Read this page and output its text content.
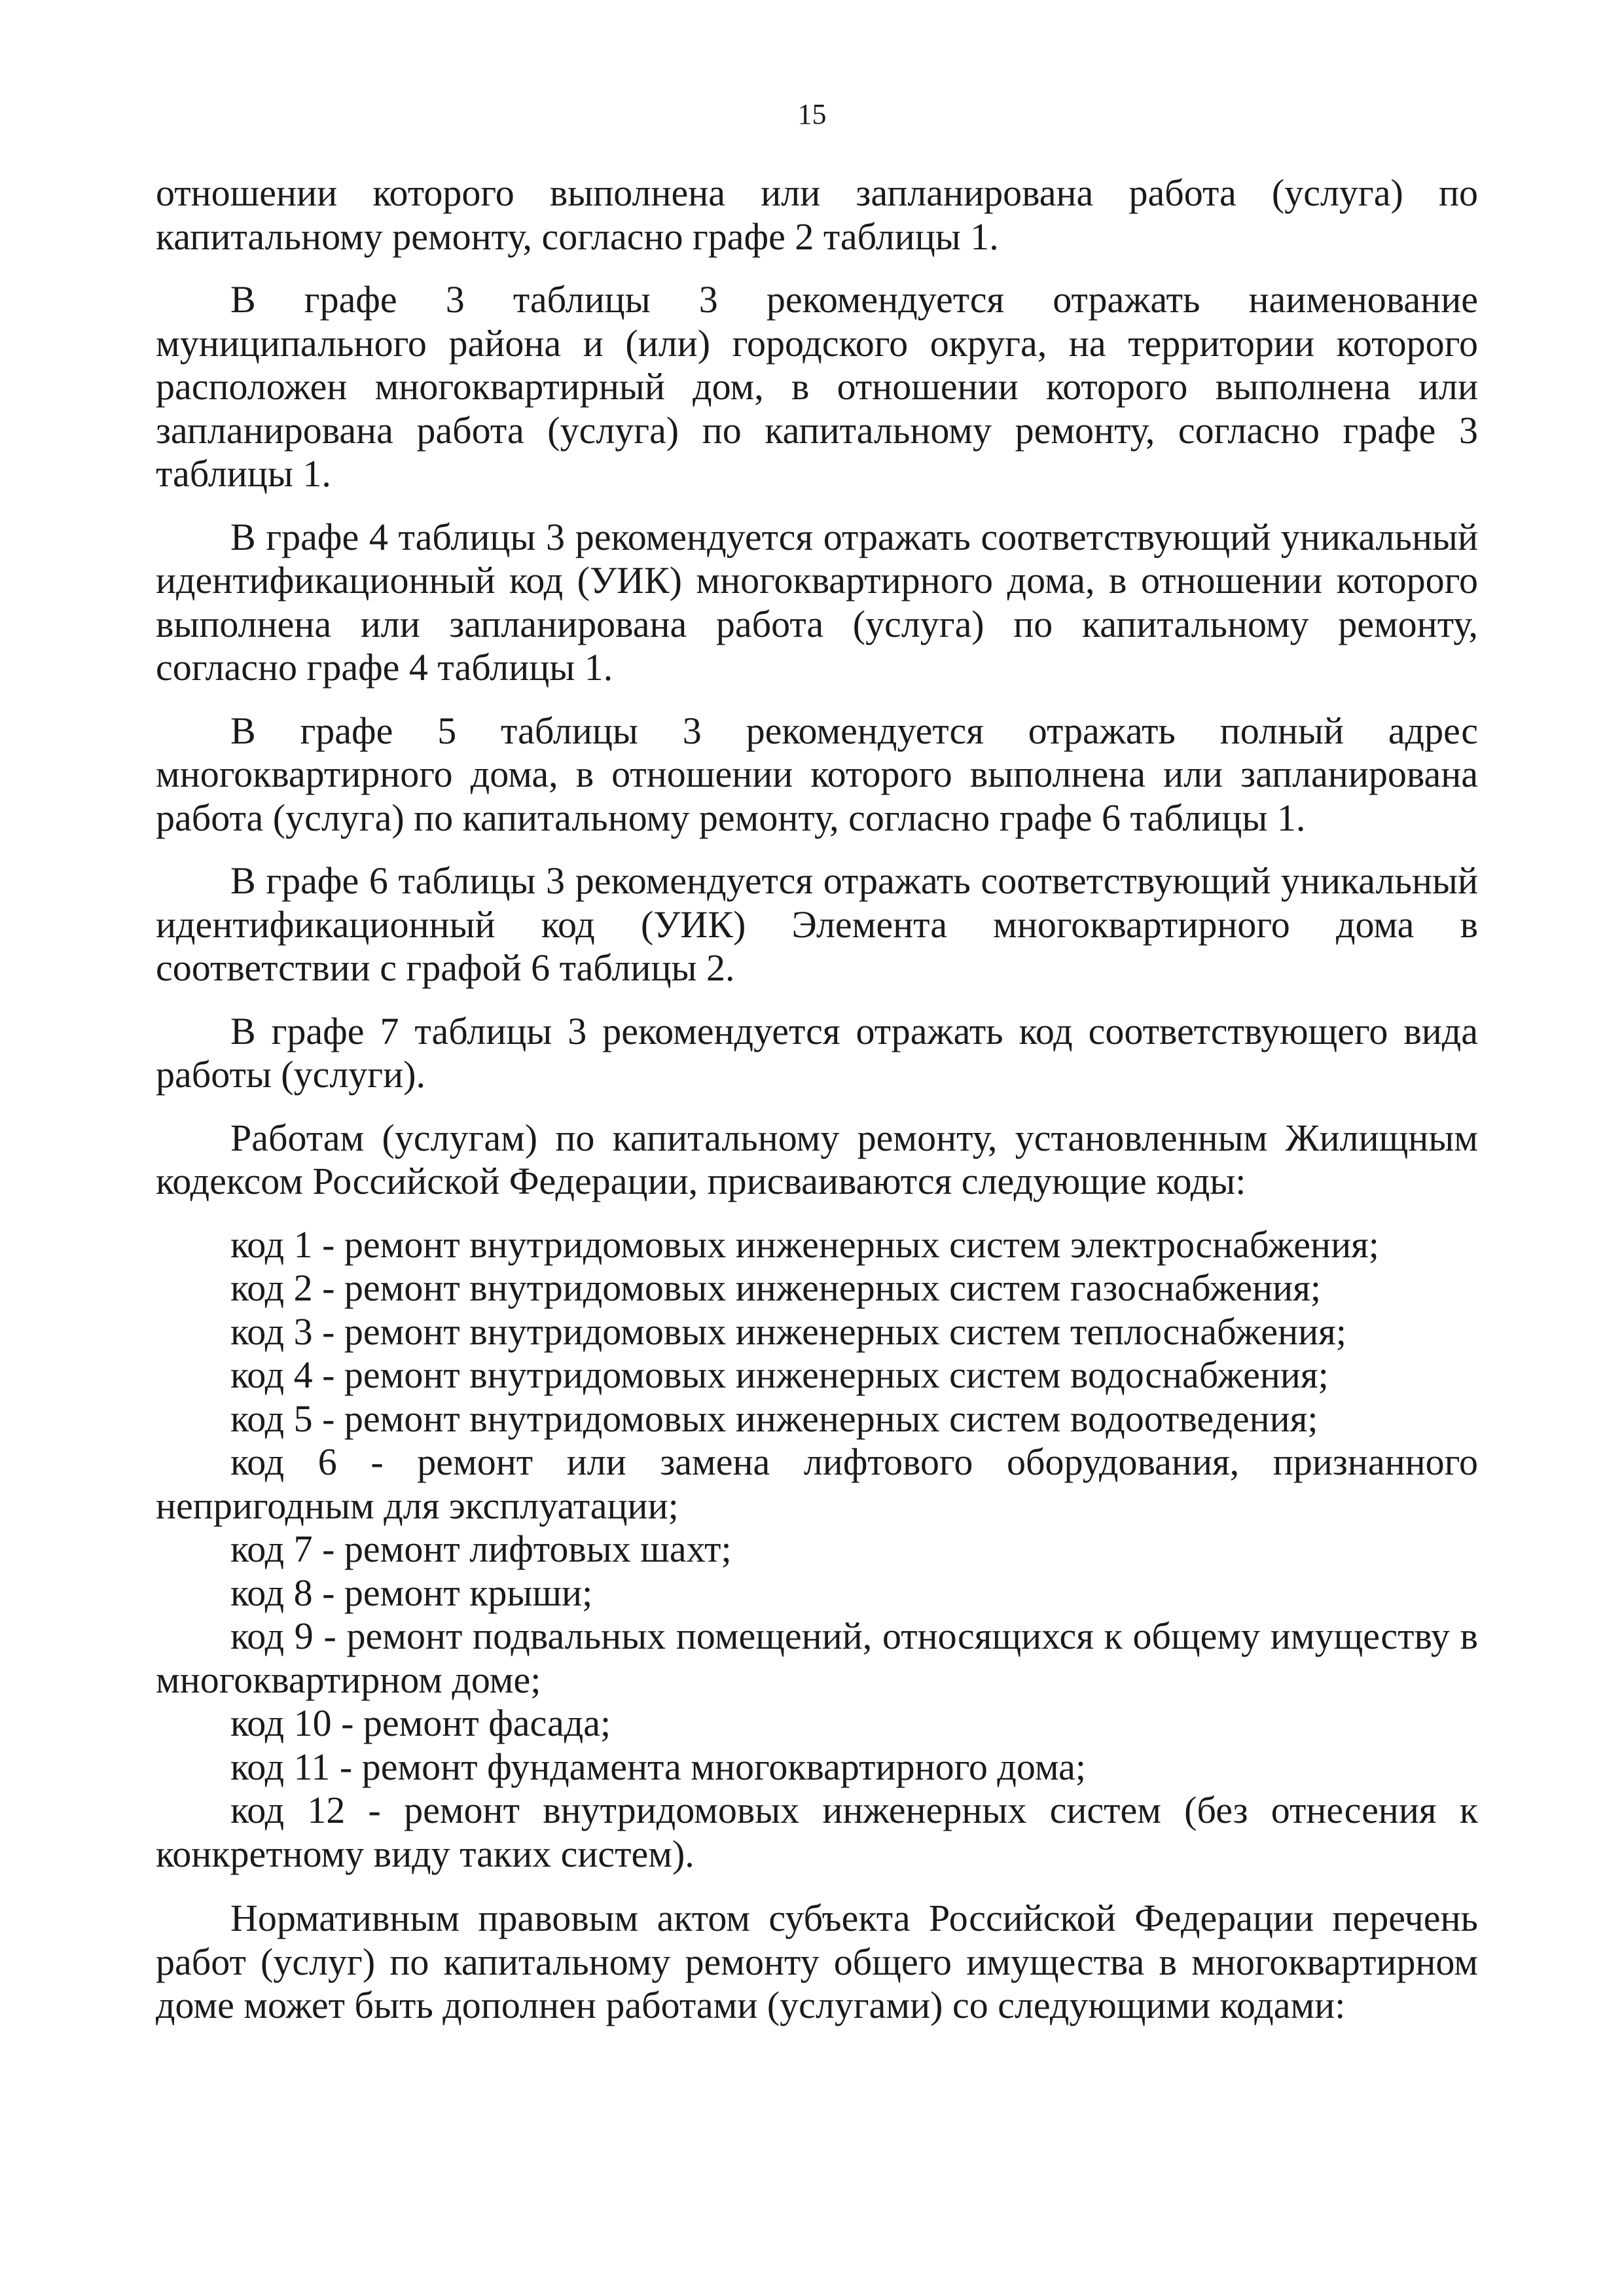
15

отношении которого выполнена или запланирована работа (услуга) по капитальному ремонту, согласно графе 2 таблицы 1.

В графе 3 таблицы 3 рекомендуется отражать наименование муниципального района и (или) городского округа, на территории которого расположен многоквартирный дом, в отношении которого выполнена или запланирована работа (услуга) по капитальному ремонту, согласно графе 3 таблицы 1.

В графе 4 таблицы 3 рекомендуется отражать соответствующий уникальный идентификационный код (УИК) многоквартирного дома, в отношении которого выполнена или запланирована работа (услуга) по капитальному ремонту, согласно графе 4 таблицы 1.

В графе 5 таблицы 3 рекомендуется отражать полный адрес многоквартирного дома, в отношении которого выполнена или запланирована работа (услуга) по капитальному ремонту, согласно графе 6 таблицы 1.

В графе 6 таблицы 3 рекомендуется отражать соответствующий уникальный идентификационный код (УИК) Элемента многоквартирного дома в соответствии с графой 6 таблицы 2.

В графе 7 таблицы 3 рекомендуется отражать код соответствующего вида работы (услуги).

Работам (услугам) по капитальному ремонту, установленным Жилищным кодексом Российской Федерации, присваиваются следующие коды:

код 1 - ремонт внутридомовых инженерных систем электроснабжения;

код 2 - ремонт внутридомовых инженерных систем газоснабжения;

код 3 - ремонт внутридомовых инженерных систем теплоснабжения;

код 4 - ремонт внутридомовых инженерных систем водоснабжения;

код 5 - ремонт внутридомовых инженерных систем водоотведения;

код 6 - ремонт или замена лифтового оборудования, признанного непригодным для эксплуатации;

код 7 - ремонт лифтовых шахт;

код 8 - ремонт крыши;

код 9 - ремонт подвальных помещений, относящихся к общему имуществу в многоквартирном доме;

код 10 - ремонт фасада;

код 11 - ремонт фундамента многоквартирного дома;

код 12 - ремонт внутридомовых инженерных систем (без отнесения к конкретному виду таких систем).

Нормативным правовым актом субъекта Российской Федерации перечень работ (услуг) по капитальному ремонту общего имущества в многоквартирном доме может быть дополнен работами (услугами) со следующими кодами:
